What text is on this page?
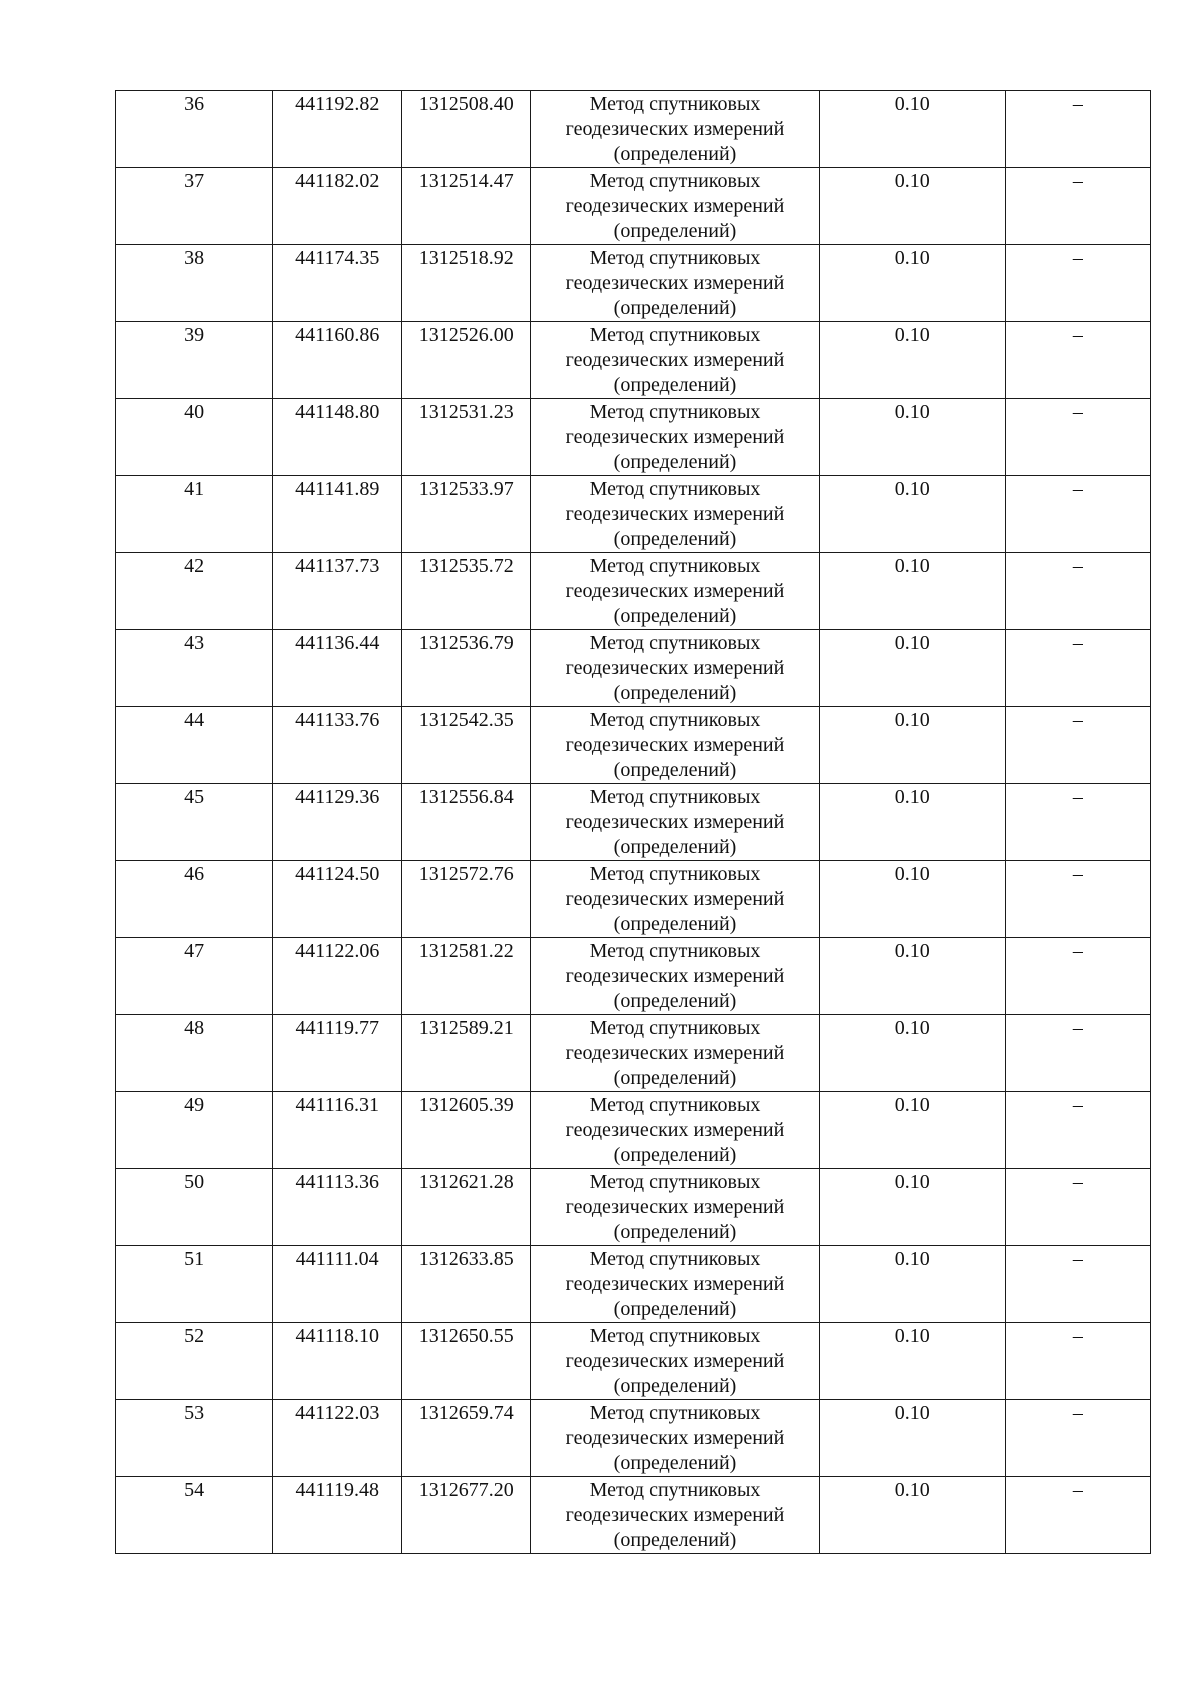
36	441192.82	1312508.40	Метод спутниковых геодезических измерений (определений)	0.10	–
37	441182.02	1312514.47	Метод спутниковых геодезических измерений (определений)	0.10	–
38	441174.35	1312518.92	Метод спутниковых геодезических измерений (определений)	0.10	–
39	441160.86	1312526.00	Метод спутниковых геодезических измерений (определений)	0.10	–
40	441148.80	1312531.23	Метод спутниковых геодезических измерений (определений)	0.10	–
41	441141.89	1312533.97	Метод спутниковых геодезических измерений (определений)	0.10	–
42	441137.73	1312535.72	Метод спутниковых геодезических измерений (определений)	0.10	–
43	441136.44	1312536.79	Метод спутниковых геодезических измерений (определений)	0.10	–
44	441133.76	1312542.35	Метод спутниковых геодезических измерений (определений)	0.10	–
45	441129.36	1312556.84	Метод спутниковых геодезических измерений (определений)	0.10	–
46	441124.50	1312572.76	Метод спутниковых геодезических измерений (определений)	0.10	–
47	441122.06	1312581.22	Метод спутниковых геодезических измерений (определений)	0.10	–
48	441119.77	1312589.21	Метод спутниковых геодезических измерений (определений)	0.10	–
49	441116.31	1312605.39	Метод спутниковых геодезических измерений (определений)	0.10	–
50	441113.36	1312621.28	Метод спутниковых геодезических измерений (определений)	0.10	–
51	441111.04	1312633.85	Метод спутниковых геодезических измерений (определений)	0.10	–
52	441118.10	1312650.55	Метод спутниковых геодезических измерений (определений)	0.10	–
53	441122.03	1312659.74	Метод спутниковых геодезических измерений (определений)	0.10	–
54	441119.48	1312677.20	Метод спутниковых геодезических измерений (определений)	0.10	–
